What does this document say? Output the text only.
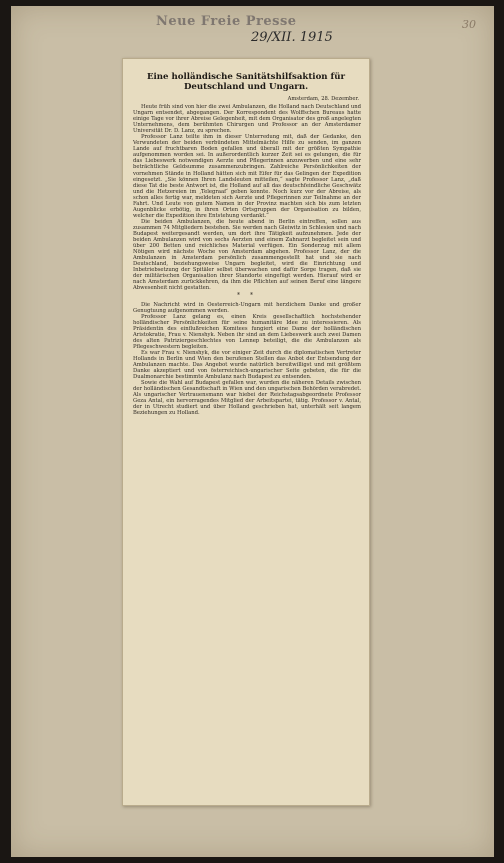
Neue Freie Presse
29/XII. 1915
30
Eine holländische Sanitätshilfsaktion für Deutschland und Ungarn.
Amsterdam, 28. Dezember.

Heute früh sind von hier die zwei Ambulanzen, die Holland nach Deutschland und Ungarn entsendet, abgegangen. Der Korrespondent des Wolffschen Bureaus hatte einige Tage vor ihrer Abreise Gelegenheit, mit dem Organisator des groß angelegten Unternehmens, dem berühmten Chirurgen und Professor an der Amsterdamer Universität Dr. D. Lanz, zu sprechen.

Professor Lanz teilte ihm in dieser Unterredung mit, daß der Gedanke, den Verwundeten der beiden verbündeten Mittelmächte Hilfe zu senden, im ganzen Lande auf fruchtbaren Boden gefallen und überall mit der größten Sympathie aufgenommen worden sei. In außerordentlich kurzer Zeit sei es gelungen, die für das Liebeswerk notwendigen Aerzte und Pflegerinnen anzuwerben und eine sehr beträchtliche Geldsumme zusammenzubringen. Zahlreiche Persönlichkeiten der vornehmen Stände in Holland hätten sich mit Eifer für das Gelingen der Expedition eingesetzt. „Sie können Ihren Landsleuten mitteilen,“ sagte Professor Lanz, „daß diese Tat die beste Antwort ist, die Holland auf all das deutschfeindliche Geschwätz und die Hetzereien im ‚Telegraaf‘ geben konnte. Noch kurz vor der Abreise, als schon alles fertig war, meldeten sich Aerzte und Pflegerinnen zur Teilnahme an der Fahrt. Und Leute von gutem Namen in der Provinz machten sich bis zum letzten Augenblicke erbötig, in ihren Orten Ortsgruppen der Organisation zu bilden, welcher die Expedition ihre Entstehung verdankt.“

Die beiden Ambulanzen, die heute abend in Berlin eintreffen, sollen aus zusammen 74 Mitgliedern bestehen. Sie werden nach Gleiwitz in Schlesien und nach Budapest weitergesandt werden, um dort ihre Tätigkeit aufzunehmen. Jede der beiden Ambulanzen wird von sechs Aerzten und einem Zahnarzt begleitet sein und über 200 Betten und reichliches Material verfügen. Ein Sonderzug mit allem Nötigen wird nächste Woche von Amsterdam abgehen. Professor Lanz, der die Ambulanzen in Amsterdam persönlich zusammengestellt hat und sie nach Deutschland, beziehungsweise Ungarn begleitet, wird die Einrichtung und Inbetriebsetzung der Spitäler selbst überwachen und dafür Sorge tragen, daß sie der militärischen Organisation ihrer Standorte eingefügt werden. Hierauf wird er nach Amsterdam zurückkehren, da ihm die Pflichten auf seinen Beruf eine längere Abwesenheit nicht gestatten.

* *

Die Nachricht wird in Oesterreich-Ungarn mit herzlichem Danke und großer Genugtuung aufgenommen werden.

Professor Lanz gelang es, einen Kreis gesellschaftlich hochstehender holländischer Persönlichkeiten für seine humanitäre Idee zu interessieren. Als Präsidentin des einflußreichen Komitees fungiert eine Dame der holländischen Aristokratie, Frau v. Nienshyk. Neben ihr sind an dem Liebeswerk auch zwei Damen des alten Patriziergeschlechtes von Lennep beteiligt, die die Ambulanzen als Pflegeschwestern begleiten.

Es war Frau v. Nienshyk, die vor einiger Zeit durch die diplomatischen Vertreter Hollands in Berlin und Wien den berufenen Stellen das Anbot der Entsendung der Ambulanzen machte. Das Angebot wurde natürlich bereitwilligst und mit größtem Danke akzeptiert und von österreichisch-ungarischer Seite gebeten, die für die Dualmonarchie bestimmte Ambulanz nach Budapest zu entsenden.

Sowie die Wahl auf Budapest gefallen war, wurden die näheren Details zwischen der holländischen Gesandtschaft in Wien und den ungarischen Behörden verabredet. Als ungarischer Vertrauensmann war hiebei der Reichstagsabgeordnete Professor Geza Antal, ein hervorragendes Mitglied der Arbeitspartei, tätig. Professor v. Antal, der in Utrecht studiert und über Holland geschrieben hat, unterhält seit langem Beziehungen zu Holland.
